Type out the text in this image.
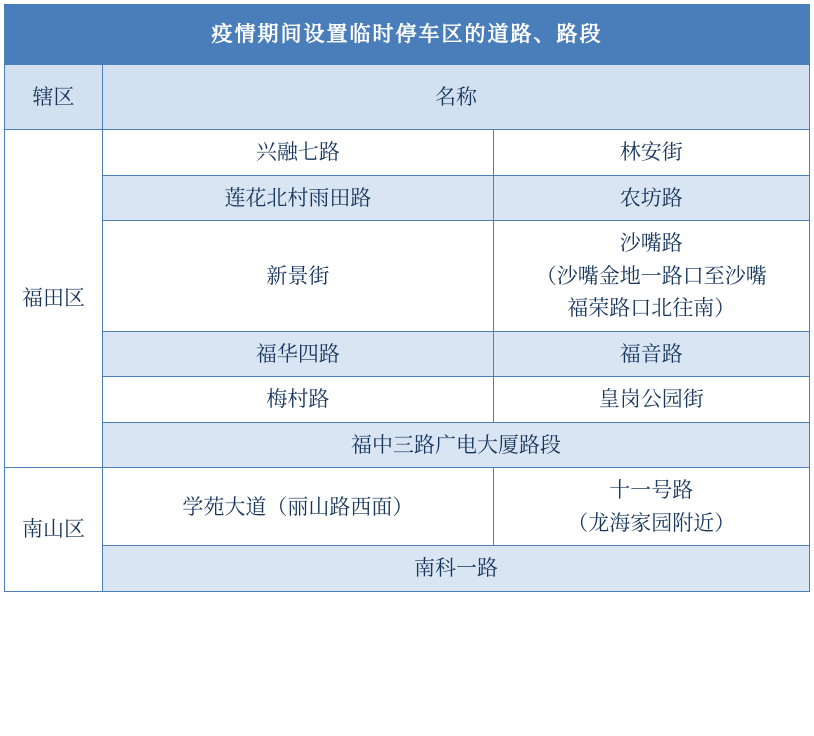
疫情期间设置临时停车区的道路、路段		
辖区	名称	
福田区	兴融七路	林安街
	莲花北村雨田路	农坊路
	新景街	沙嘴路
（沙嘴金地一路口至沙嘴
福荣路口北往南）

	福华四路	福音路
	梅村路	皇岗公园街
	福中三路广电大厦路段	
南山区	学苑大道（丽山路西面）	十一号路
（龙海家园附近）

	南科一路	
